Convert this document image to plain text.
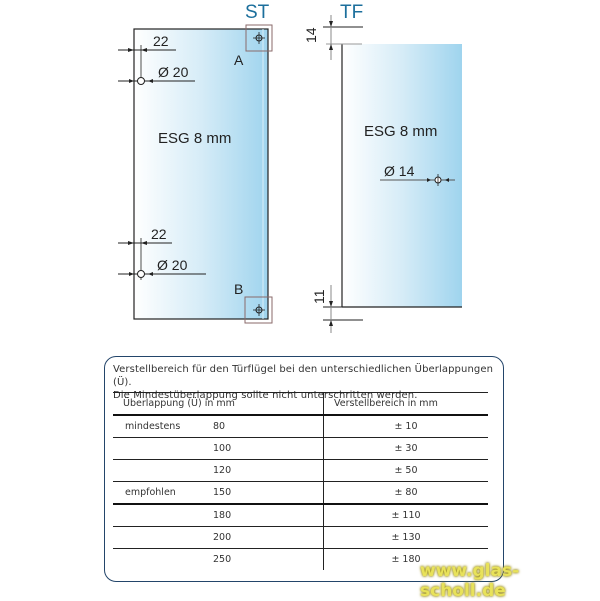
ST	TF
22
Ø 20
A
ESG 8 mm
22
Ø 20
B
ESG 8 mm
Ø 14
14
11
Verstellbereich für den Türflügel bei den unterschiedlichen Überlappungen (Ü).
Die Mindestüberlappung sollte nicht unterschritten werden.
Überlappung (Ü) in mm	Verstellbereich in mm

mindestens 80	± 10

100	± 30

120	± 50

empfohlen 150	± 80

180	± 110

200	± 130

250	± 180
www.glas-scholl.de
